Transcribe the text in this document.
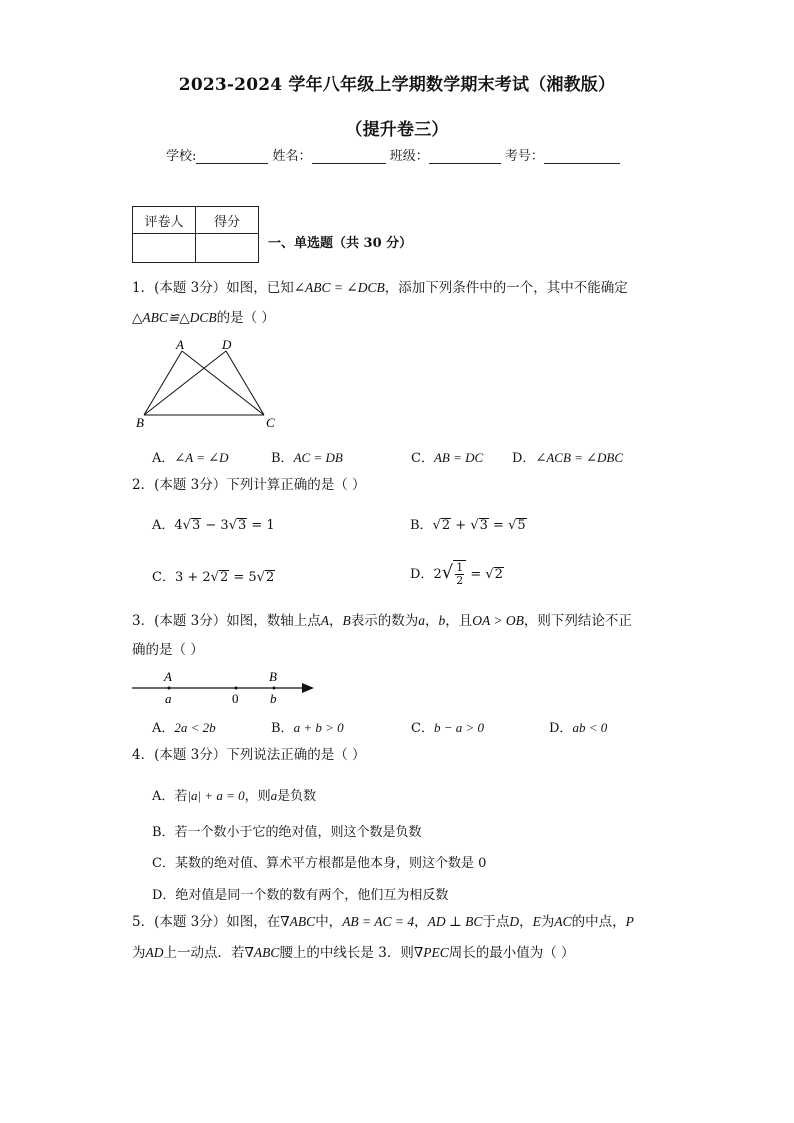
2023-2024 学年八年级上学期数学期末考试（湘教版）
（提升卷三）
学校:	姓名：	班级：	考号：
评卷人	得分

一、单选题（共 30 分）
1．(本题 3分）如图，已知∠ABC = ∠DCB，添加下列条件中的一个，其中不能确定
△ABC≌△DCB的是（ ）
A	D
B	C
A．∠A = ∠D	B．AC = DB	C．AB = DC D．∠ACB = ∠DBC
2．(本题 3分）下列计算正确的是（ ）
A．4√3 − 3√3 = 1	B．√2 + √3 = √5
C．3 + 2√2 = 5√2	D．$2√ \frac{1}{2} = √2$
3．(本题 3分）如图，数轴上点A，B表示的数为a，b，且OA > OB，则下列结论不正
确的是（ ）
A	B
a	0 b
A．2a < 2b	B．a + b > 0	C．b − a > 0	D．ab < 0
4．(本题 3分）下列说法正确的是（ ）
A．若|a| + a = 0，则a是负数
B．若一个数小于它的绝对值，则这个数是负数
C．某数的绝对值、算术平方根都是他本身，则这个数是 0
D．绝对值是同一个数的数有两个，他们互为相反数
5．(本题 3分）如图，在∇ABC中，AB = AC = 4，AD ⊥ BC于点D，E为AC的中点，P
为AD上一动点．若∇ABC腰上的中线长是 3．则∇PEC周长的最小值为（ ）
